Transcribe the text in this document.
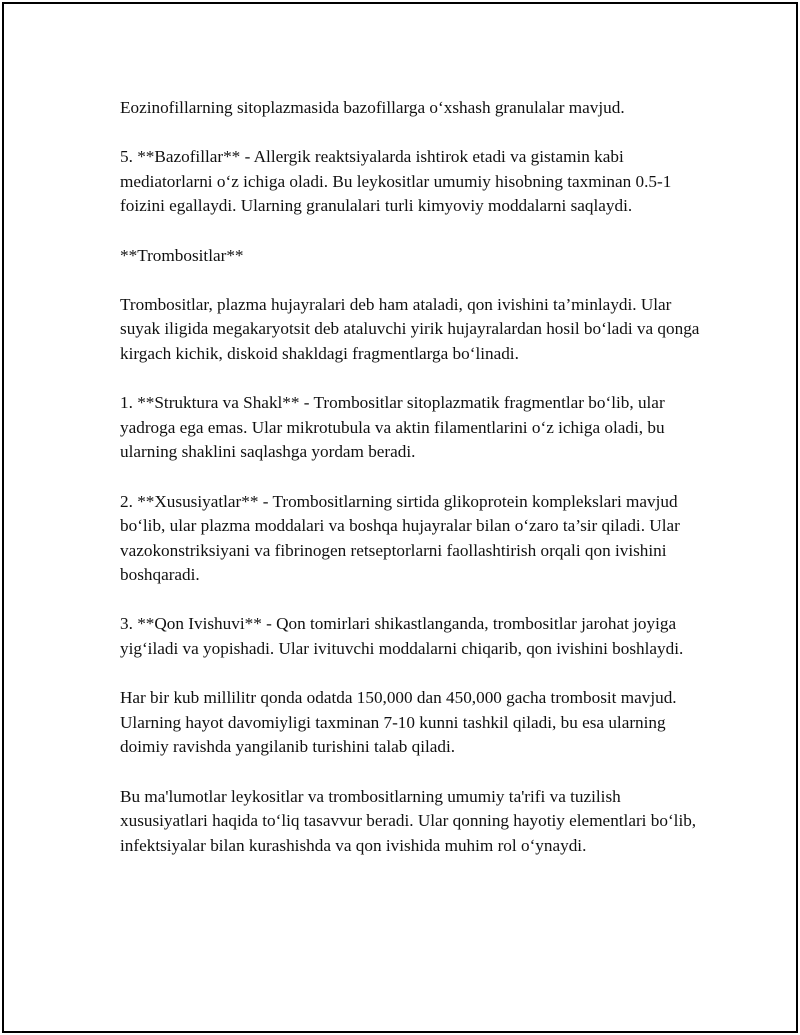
Eozinofillarning sitoplazmasida bazofillarga o‘xshash granulalar mavjud.

5. **Bazofillar** - Allergik reaktsiyalarda ishtirok etadi va gistamin kabi mediatorlarni o‘z ichiga oladi. Bu leykositlar umumiy hisobning taxminan 0.5-1 foizini egallaydi. Ularning granulalari turli kimyoviy moddalarni saqlaydi.

**Trombositlar**

Trombositlar, plazma hujayralari deb ham ataladi, qon ivishini ta’minlaydi. Ular suyak iligida megakaryotsit deb ataluvchi yirik hujayralardan hosil bo‘ladi va qonga kirgach kichik, diskoid shakldagi fragmentlarga bo‘linadi.

1. **Struktura va Shakl** - Trombositlar sitoplazmatik fragmentlar bo‘lib, ular yadroga ega emas. Ular mikrotubula va aktin filamentlarini o‘z ichiga oladi, bu ularning shaklini saqlashga yordam beradi.

2. **Xususiyatlar** - Trombositlarning sirtida glikoprotein komplekslari mavjud bo‘lib, ular plazma moddalari va boshqa hujayralar bilan o‘zaro ta’sir qiladi. Ular vazokonstriksiyani va fibrinogen retseptorlarni faollashtirish orqali qon ivishini boshqaradi.

3. **Qon Ivishuvi** - Qon tomirlari shikastlanganda, trombositlar jarohat joyiga yig‘iladi va yopishadi. Ular ivituvchi moddalarni chiqarib, qon ivishini boshlaydi.

Har bir kub millilitr qonda odatda 150,000 dan 450,000 gacha trombosit mavjud. Ularning hayot davomiyligi taxminan 7-10 kunni tashkil qiladi, bu esa ularning doimiy ravishda yangilanib turishini talab qiladi.

Bu ma'lumotlar leykositlar va trombositlarning umumiy ta'rifi va tuzilish xususiyatlari haqida to‘liq tasavvur beradi. Ular qonning hayotiy elementlari bo‘lib, infektsiyalar bilan kurashishda va qon ivishida muhim rol o‘ynaydi.
